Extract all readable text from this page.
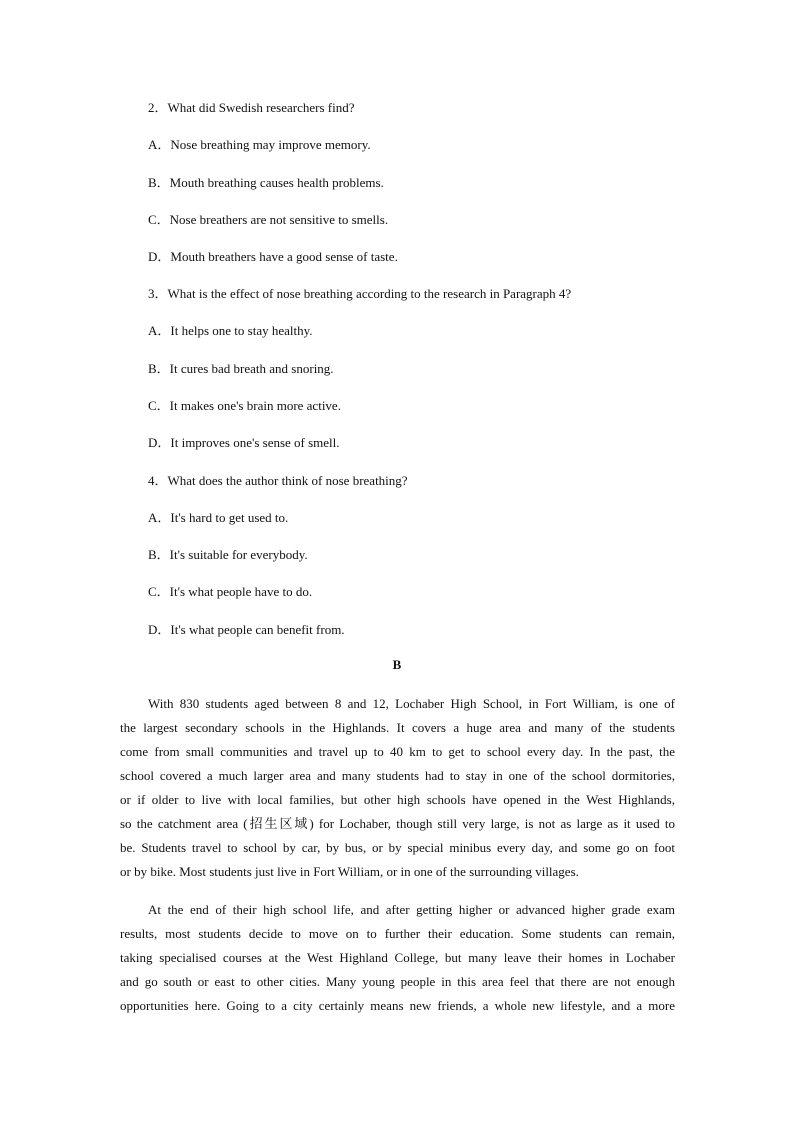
2．What did Swedish researchers find?
A．Nose breathing may improve memory.
B．Mouth breathing causes health problems.
C．Nose breathers are not sensitive to smells.
D．Mouth breathers have a good sense of taste.
3．What is the effect of nose breathing according to the research in Paragraph 4?
A．It helps one to stay healthy.
B．It cures bad breath and snoring.
C．It makes one's brain more active.
D．It improves one's sense of smell.
4．What does the author think of nose breathing?
A．It's hard to get used to.
B．It's suitable for everybody.
C．It's what people have to do.
D．It's what people can benefit from.
B
With 830 students aged between 8 and 12, Lochaber High School, in Fort William, is one of
the largest secondary schools in the Highlands. It covers a huge area and many of the students
come from small communities and travel up to 40 km to get to school every day. In the past, the
school covered a much larger area and many students had to stay in one of the school dormitories,
or if older to live with local families, but other high schools have opened in the West Highlands,
so the catchment area (招生区域) for Lochaber, though still very large, is not as large as it used to
be. Students travel to school by car, by bus, or by special minibus every day, and some go on foot
or by bike. Most students just live in Fort William, or in one of the surrounding villages.
At the end of their high school life, and after getting higher or advanced higher grade exam
results, most students decide to move on to further their education. Some students can remain,
taking specialised courses at the West Highland College, but many leave their homes in Lochaber
and go south or east to other cities. Many young people in this area feel that there are not enough
opportunities here. Going to a city certainly means new friends, a whole new lifestyle, and a more
